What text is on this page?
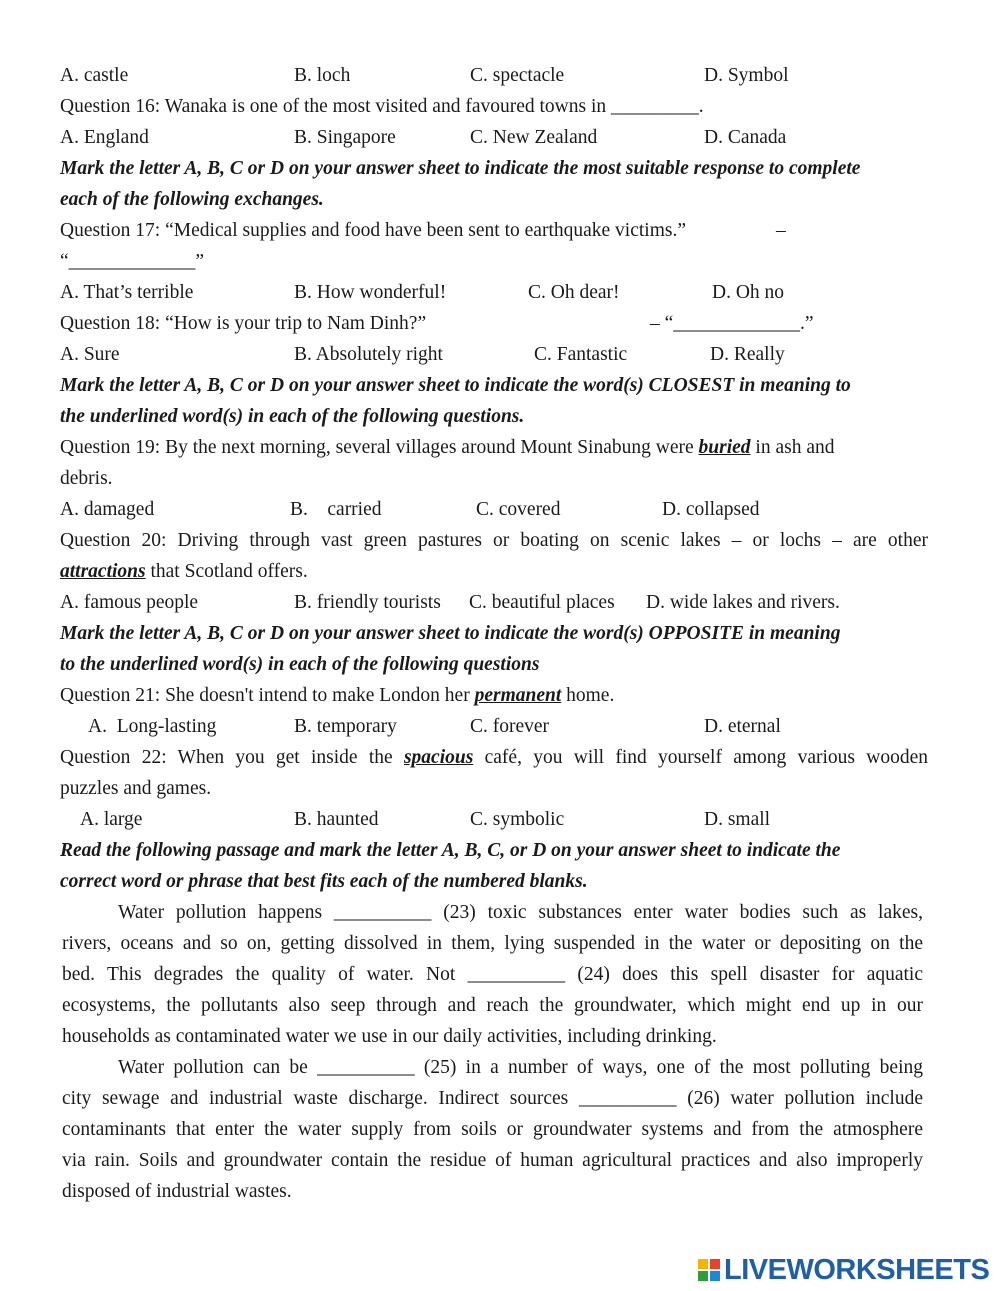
A. castle	B. loch	C. spectacle	D. Symbol
Question 16: Wanaka is one of the most visited and favoured towns in _________.
A. England	B. Singapore	C. New Zealand	D. Canada
Mark the letter A, B, C or D on your answer sheet to indicate the most suitable response to complete
each of the following exchanges.
Question 17: “Medical supplies and food have been sent to earthquake victims.”	–
“_____________”
A. That’s terrible	B. How wonderful!	C. Oh dear!	D. Oh no
Question 18: “How is your trip to Nam Dinh?”	– “_____________.”
A. Sure	B. Absolutely right	C. Fantastic	D. Really
Mark the letter A, B, C or D on your answer sheet to indicate the word(s) CLOSEST in meaning to
the underlined word(s) in each of the following questions.
Question 19: By the next morning, several villages around Mount Sinabung were buried in ash and
debris.
A. damaged	B.    carried	C. covered	D. collapsed
Question 20: Driving through vast green pastures or boating on scenic lakes – or lochs – are other
attractions that Scotland offers.
A. famous people	B. friendly tourists C. beautiful places D. wide lakes and rivers.
Mark the letter A, B, C or D on your answer sheet to indicate the word(s) OPPOSITE in meaning
to the underlined word(s) in each of the following questions
Question 21: She doesn't intend to make London her permanent home.
A.  Long-lasting	B. temporary	C. forever	D. eternal
Question 22: When you get inside the spacious café, you will find yourself among various wooden
puzzles and games.
A. large	B. haunted	C. symbolic	D. small
Read the following passage and mark the letter A, B, C, or D on your answer sheet to indicate the
correct word or phrase that best fits each of the numbered blanks.
Water pollution happens __________ (23) toxic substances enter water bodies such as lakes,
rivers, oceans and so on, getting dissolved in them, lying suspended in the water or depositing on the
bed. This degrades the quality of water. Not __________ (24) does this spell disaster for aquatic
ecosystems, the pollutants also seep through and reach the groundwater, which might end up in our
households as contaminated water we use in our daily activities, including drinking.
Water pollution can be __________ (25) in a number of ways, one of the most polluting being
city sewage and industrial waste discharge. Indirect sources __________ (26) water pollution include
contaminants that enter the water supply from soils or groundwater systems and from the atmosphere
via rain. Soils and groundwater contain the residue of human agricultural practices and also improperly
disposed of industrial wastes.
LIVEWORKSHEETS
